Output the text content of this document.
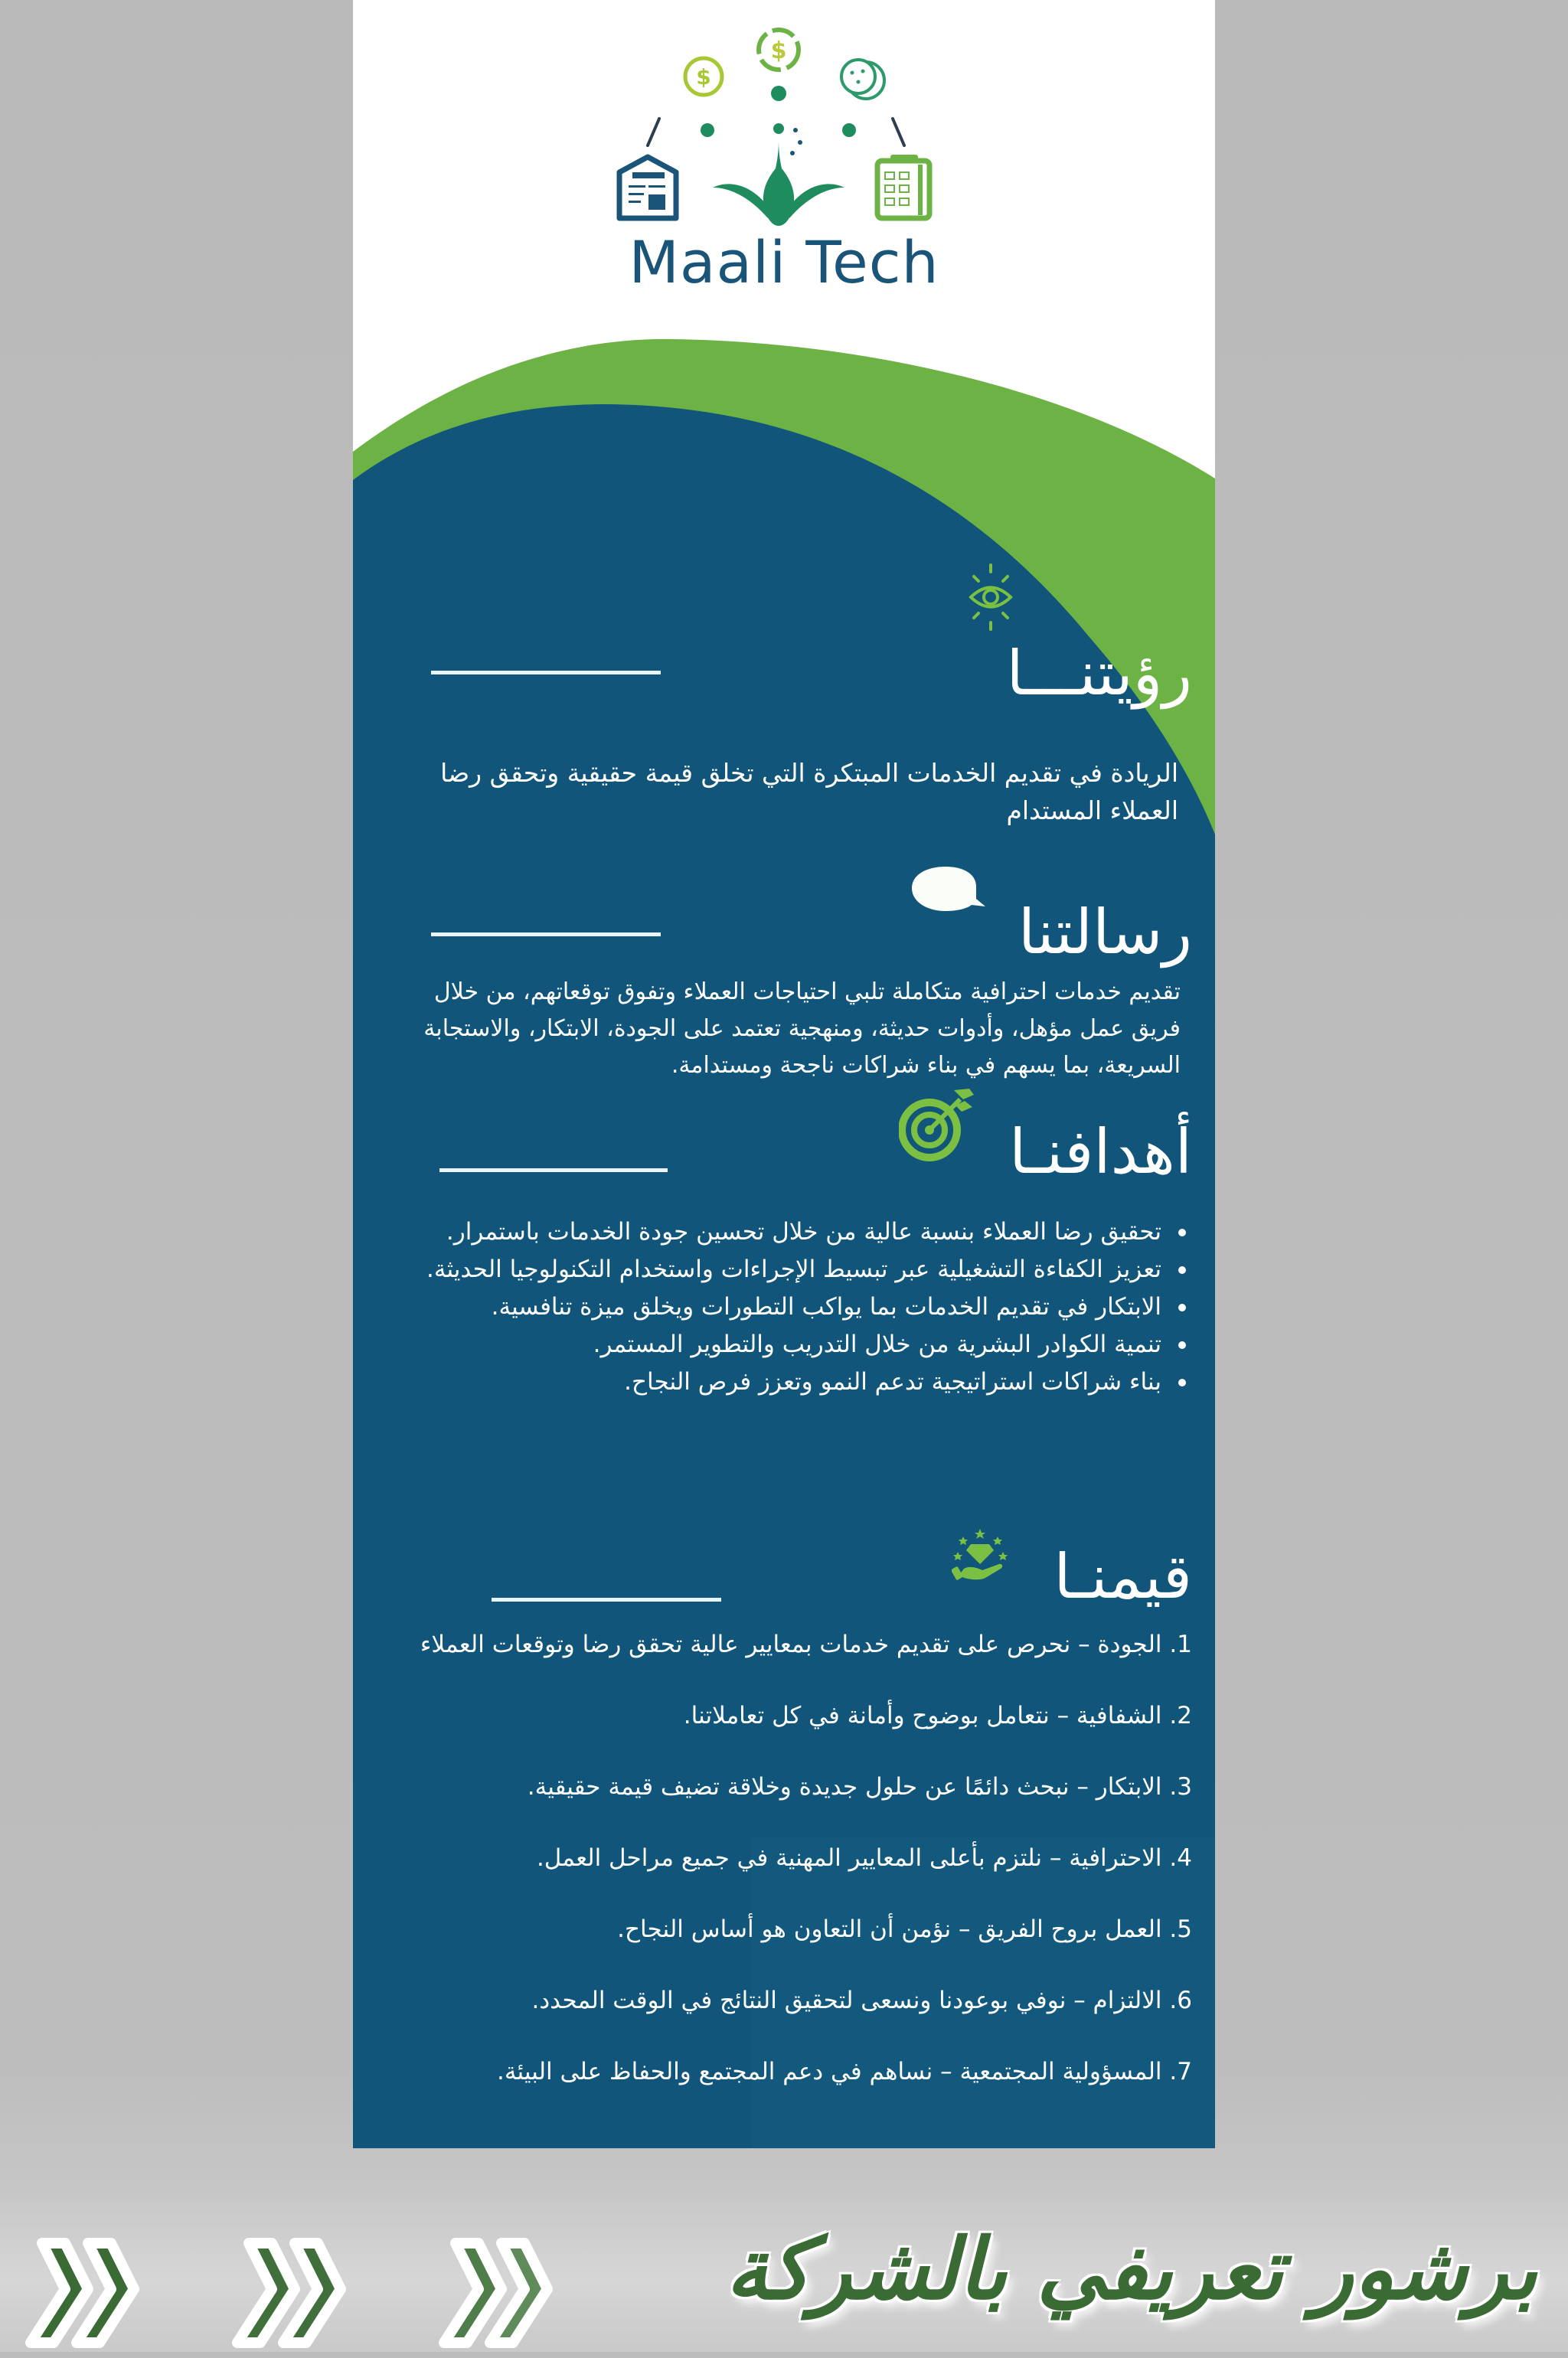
$
$
Maali Tech
رؤيتنـــا

الريادة في تقديم الخدمات المبتكرة التي تخلق قيمة حقيقية وتحقق رضا العملاء المستدام

رسالتنا

تقديم خدمات احترافية متكاملة تلبي احتياجات العملاء وتفوق توقعاتهم، من خلال فريق عمل مؤهل، وأدوات حديثة، ومنهجية تعتمد على الجودة، الابتكار، والاستجابة السريعة، بما يسهم في بناء شراكات ناجحة ومستدامة.

أهدافنـا
تحقيق رضا العملاء بنسبة عالية من خلال تحسين جودة الخدمات باستمرار.
تعزيز الكفاءة التشغيلية عبر تبسيط الإجراءات واستخدام التكنولوجيا الحديثة.
الابتكار في تقديم الخدمات بما يواكب التطورات ويخلق ميزة تنافسية.
تنمية الكوادر البشرية من خلال التدريب والتطوير المستمر.
بناء شراكات استراتيجية تدعم النمو وتعزز فرص النجاح.
قيمنـا
1. الجودة – نحرص على تقديم خدمات بمعايير عالية تحقق رضا وتوقعات العملاء
2. الشفافية – نتعامل بوضوح وأمانة في كل تعاملاتنا.
3. الابتكار – نبحث دائمًا عن حلول جديدة وخلاقة تضيف قيمة حقيقية.
4. الاحترافية – نلتزم بأعلى المعايير المهنية في جميع مراحل العمل.
5. العمل بروح الفريق – نؤمن أن التعاون هو أساس النجاح.
6. الالتزام – نوفي بوعودنا ونسعى لتحقيق النتائج في الوقت المحدد.
7. المسؤولية المجتمعية – نساهم في دعم المجتمع والحفاظ على البيئة.
برشور تعريفي بالشركة
